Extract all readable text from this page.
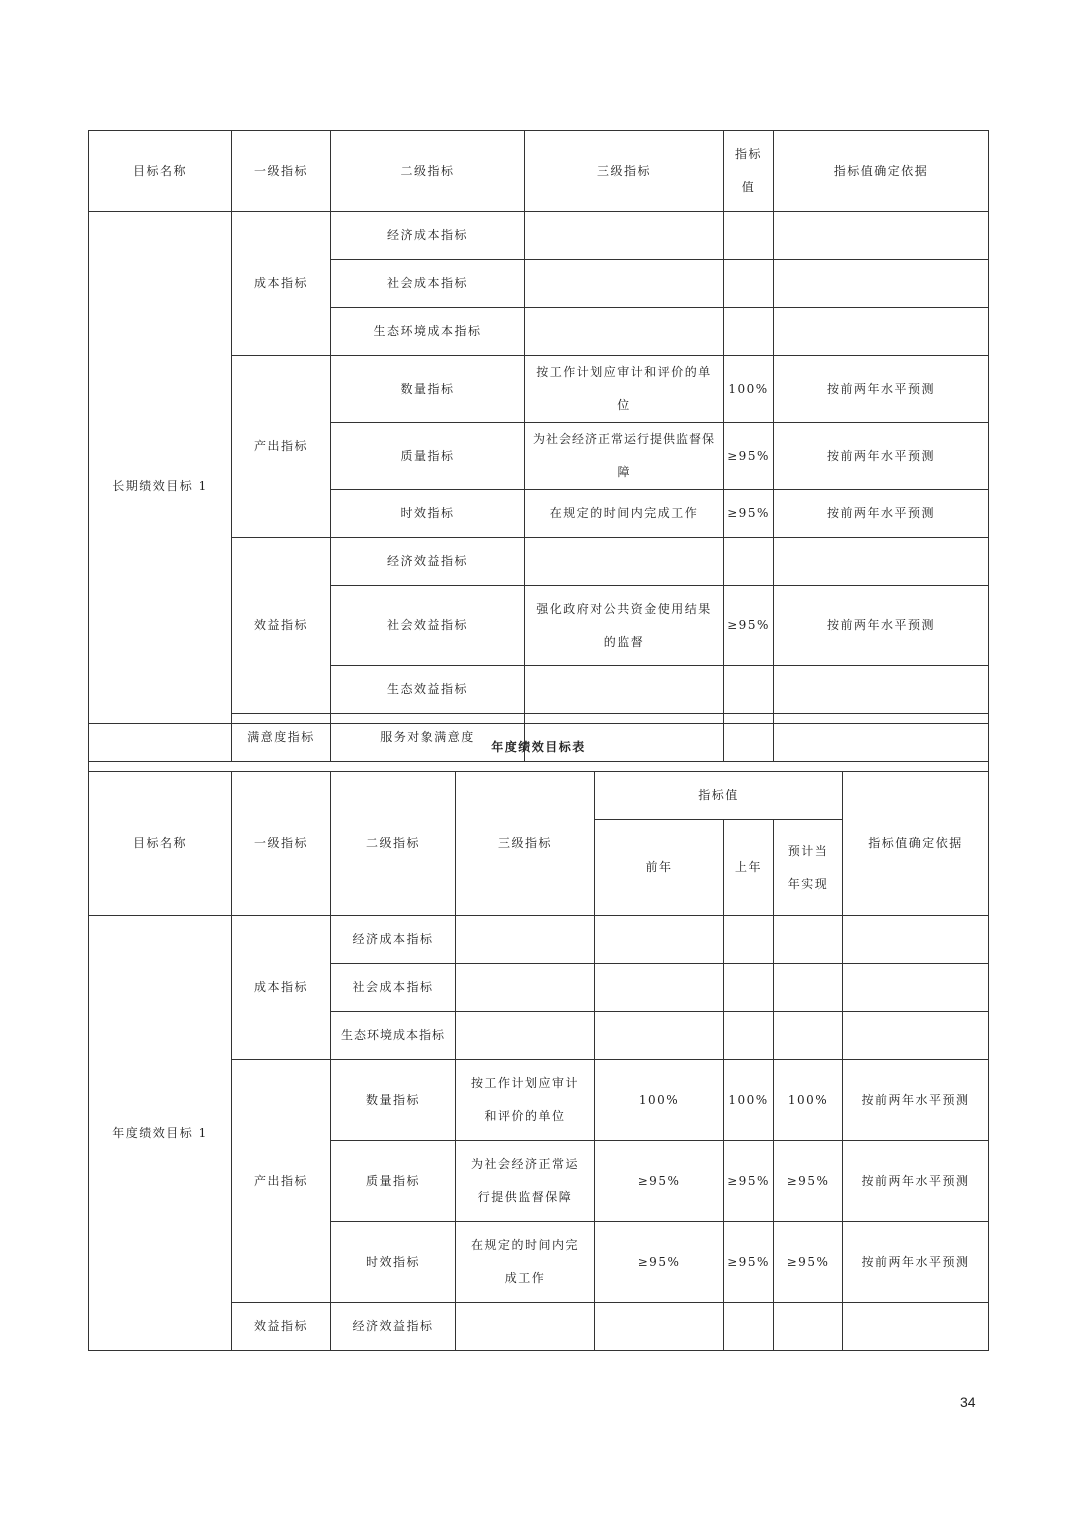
目标名称	一级指标	二级指标	三级指标	指标值	指标值确定依据
长期绩效目标 1	成本指标	经济成本指标			
		社会成本指标			
		生态环境成本指标			
	产出指标	数量指标	按工作计划应审计和评价的单位	100%	按前两年水平预测
		质量指标	为社会经济正常运行提供监督保障	≥95%	按前两年水平预测
		时效指标	在规定的时间内完成工作	≥95%	按前两年水平预测
	效益指标	经济效益指标			
		社会效益指标	强化政府对公共资金使用结果的监督	≥95%	按前两年水平预测
		生态效益指标			
	满意度指标	服务对象满意度			
年度绩效目标表							
目标名称	一级指标	二级指标	三级指标	指标值			指标值确定依据
				前年	上年	预计当年实现	
年度绩效目标 1	成本指标	经济成本指标					
		社会成本指标					
		生态环境成本指标					
	产出指标	数量指标	按工作计划应审计和评价的单位	100%	100%	100%	按前两年水平预测
		质量指标	为社会经济正常运行提供监督保障	≥95%	≥95%	≥95%	按前两年水平预测
		时效指标	在规定的时间内完成工作	≥95%	≥95%	≥95%	按前两年水平预测
	效益指标	经济效益指标					
34
